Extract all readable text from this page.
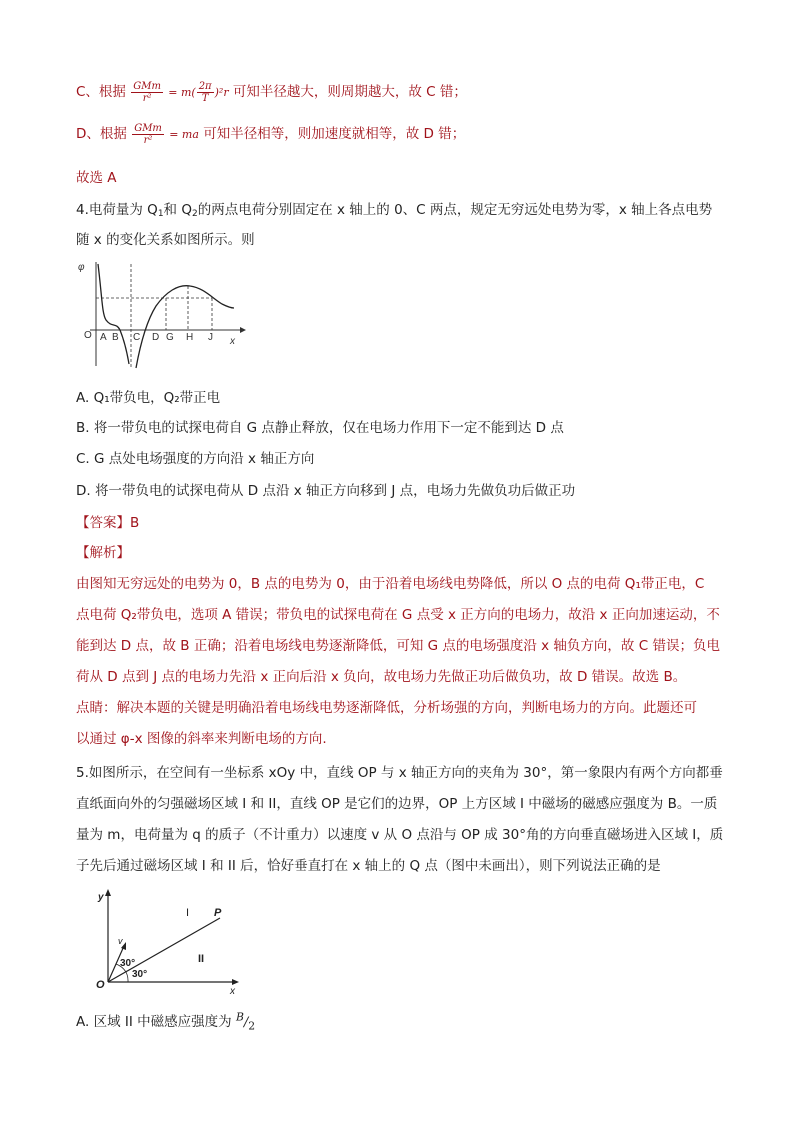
C、根据 $\frac{\text{GMm}}{\text{r²}} = m( \frac{2\pi}{T} )^2r$ 可知半径越大，则周期越大，故 C 错；
D、根据 $\frac{\text{GMm}}{\text{r²}}$ = ma 可知半径相等，则加速度就相等，故 D 错；
故选 A
4.电荷量为 $Q_1$和 $Q_2$的两点电荷分别固定在 x 轴上的 0、C 两点，规定无穷远处电势为零，x 轴上各点电势
随 x 的变化关系如图所示。则
φ
O
x
A B C D G H J
A. Q₁带负电，Q₂带正电
B. 将一带负电的试探电荷自 G 点静止释放，仅在电场力作用下一定不能到达 D 点
C. G 点处电场强度的方向沿 x 轴正方向
D. 将一带负电的试探电荷从 D 点沿 x 轴正方向移到 J 点，电场力先做负功后做正功
【答案】B
【解析】
由图知无穷远处的电势为 0，B 点的电势为 0，由于沿着电场线电势降低，所以 O 点的电荷 Q₁带正电，C
点电荷 Q₂带负电，选项 A 错误；带负电的试探电荷在 G 点受 x 正方向的电场力，故沿 x 正向加速运动，不
能到达 D 点，故 B 正确；沿着电场线电势逐渐降低，可知 G 点的电场强度沿 x 轴负方向，故 C 错误；负电
荷从 D 点到 J 点的电场力先沿 x 正向后沿 x 负向，故电场力先做正功后做负功，故 D 错误。故选 B。
点睛：解决本题的关键是明确沿着电场线电势逐渐降低，分析场强的方向，判断电场力的方向。此题还可
以通过 φ-x 图像的斜率来判断电场的方向.
5.如图所示，在空间有一坐标系 xOy 中，直线 OP 与 x 轴正方向的夹角为 30°，第一象限内有两个方向都垂
直纸面向外的匀强磁场区域 I 和 II，直线 OP 是它们的边界，OP 上方区域 I 中磁场的磁感应强度为 B。一质
量为 m，电荷量为 q 的质子（不计重力）以速度 v 从 O 点沿与 OP 成 30°角的方向垂直磁场进入区域 I，质
子先后通过磁场区域 I 和 II 后，恰好垂直打在 x 轴上的 Q 点（图中未画出），则下列说法正确的是
y
x
O
P
v
I
II
30°
30°
A. 区域 II 中磁感应强度为 $^B/_2$
